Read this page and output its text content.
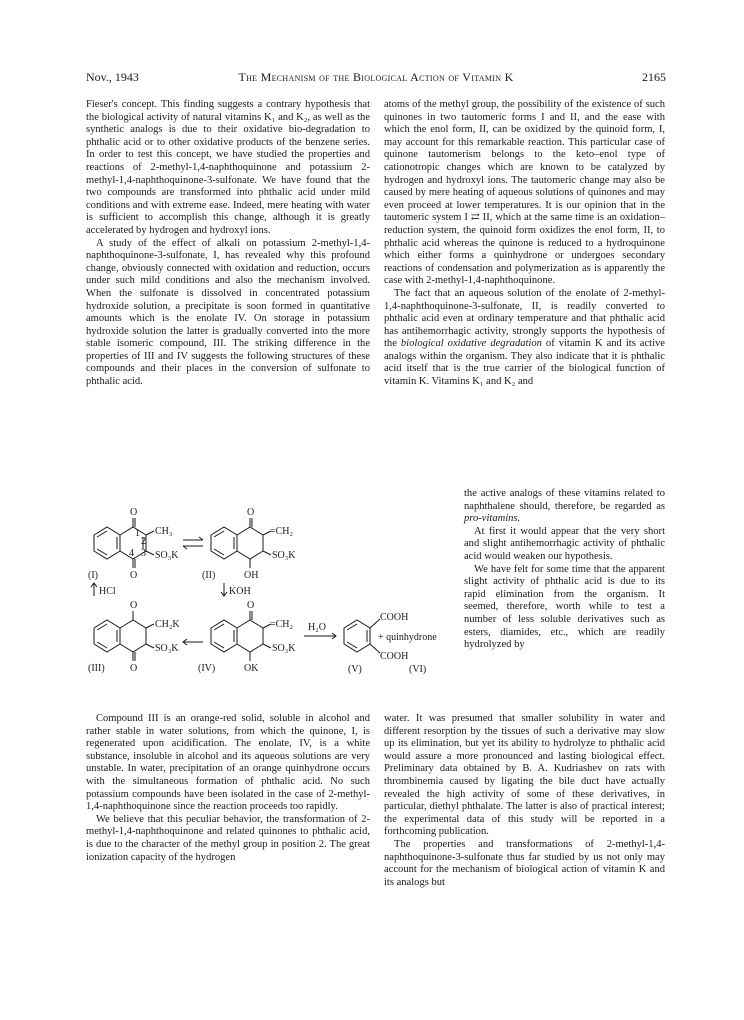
Nov., 1943	The Mechanism of the Biological Action of Vitamin K	2165

Fieser's concept. This finding suggests a contrary hypothesis that the biological activity of natural vitamins K₁ and K₂, as well as the synthetic analogs is due to their oxidative bio-degradation to phthalic acid or to other oxidative products of the benzene series. In order to test this concept, we have studied the properties and reactions of 2-methyl-1,4-naphthoquinone and potassium 2-methyl-1,4-naphthoquinone-3-sulfonate. We have found that the two compounds are transformed into phthalic acid under mild conditions and with extreme ease. Indeed, mere heating with water is sufficient to accomplish this change, although it is greatly accelerated by hydrogen and hydroxyl ions.

A study of the effect of alkali on potassium 2-methyl-1,4-naphthoquinone-3-sulfonate, I, has revealed why this profound change, obviously connected with oxidation and reduction, occurs under such mild conditions and also the mechanism involved. When the sulfonate is dissolved in concentrated potassium hydroxide solution, a precipitate is soon formed in quantitative amounts which is the enolate IV. On storage in potassium hydroxide solution the latter is gradually converted into the more stable isomeric compound, III. The striking difference in the properties of III and IV suggests the following structures of these compounds and their places in the conversion of sulfonate to phthalic acid.

O
CH₃
SO₃K
O
1
2
3
4
(I)
O
=CH₂
SO₃K
OH
(II)
HCl	KOH
O
CH₂K
SO₃K
O
(III)
O
=CH₂
SO₃K
OK
(IV)
H₂O
COOH
COOH
+ quinhydrone
(V)	(VI)

Compound III is an orange-red solid, soluble in alcohol and rather stable in water solutions, from which the quinone, I, is regenerated upon acidification. The enolate, IV, is a white substance, insoluble in alcohol and its aqueous solutions are very unstable. In water, precipitation of an orange quinhydrone occurs with the simultaneous formation of phthalic acid. No such potassium compounds have been isolated in the case of 2-methyl-1,4-naphthoquinone since the reaction proceeds too rapidly.

We believe that this peculiar behavior, the transformation of 2-methyl-1,4-naphthoquinone and related quinones to phthalic acid, is due to the character of the methyl group in position 2. The great ionization capacity of the hydrogen

atoms of the methyl group, the possibility of the existence of such quinones in two tautomeric forms I and II, and the ease with which the enol form, II, can be oxidized by the quinoid form, I, may account for this remarkable reaction. This particular case of quinone tautomerism belongs to the keto–enol type of cationotropic changes which are known to be catalyzed by hydrogen and hydroxyl ions. The tautomeric change may also be caused by mere heating of aqueous solutions of quinones and may even proceed at lower temperatures. It is our opinion that in the tautomeric system I ⇄ II, which at the same time is an oxidation–reduction system, the quinoid form oxidizes the enol form, II, to phthalic acid whereas the quinone is reduced to a hydroquinone which either forms a quinhydrone or undergoes secondary reactions of condensation and polymerization as is apparently the case with 2-methyl-1,4-naphthoquinone.

The fact that an aqueous solution of the enolate of 2-methyl-1,4-naphthoquinone-3-sulfonate, II, is readily converted to phthalic acid even at ordinary temperature and that phthalic acid has antihemorrhagic activity, strongly supports the hypothesis of the biological oxidative degradation of vitamin K and its active analogs within the organism. They also indicate that it is phthalic acid itself that is the true carrier of the biological function of vitamin K. Vitamins K₁ and K₂ and

the active analogs of these vitamins related to naphthalene should, therefore, be regarded as pro-vitamins.

At first it would appear that the very short and slight antihemorrhagic activity of phthalic acid would weaken our hypothesis.

We have felt for some time that the apparent slight activity of phthalic acid is due to its rapid elimination from the organism. It seemed, therefore, worth while to test a number of less soluble derivatives such as esters, diamides, etc., which are readily hydrolyzed by

water. It was presumed that smaller solubility in water and different resorption by the tissues of such a derivative may slow up its elimination, but yet its ability to hydrolyze to phthalic acid would assure a more pronounced and lasting biological effect. Preliminary data obtained by B. A. Kudriashev on rats with thrombinemia caused by ligating the bile duct have actually revealed the high activity of some of these derivatives, in particular, diethyl phthalate. The latter is also of practical interest; the experimental data of this study will be reported in a forthcoming publication.

The properties and transformations of 2-methyl-1,4-naphthoquinone-3-sulfonate thus far studied by us not only may account for the mechanism of biological action of vitamin K and its analogs but
